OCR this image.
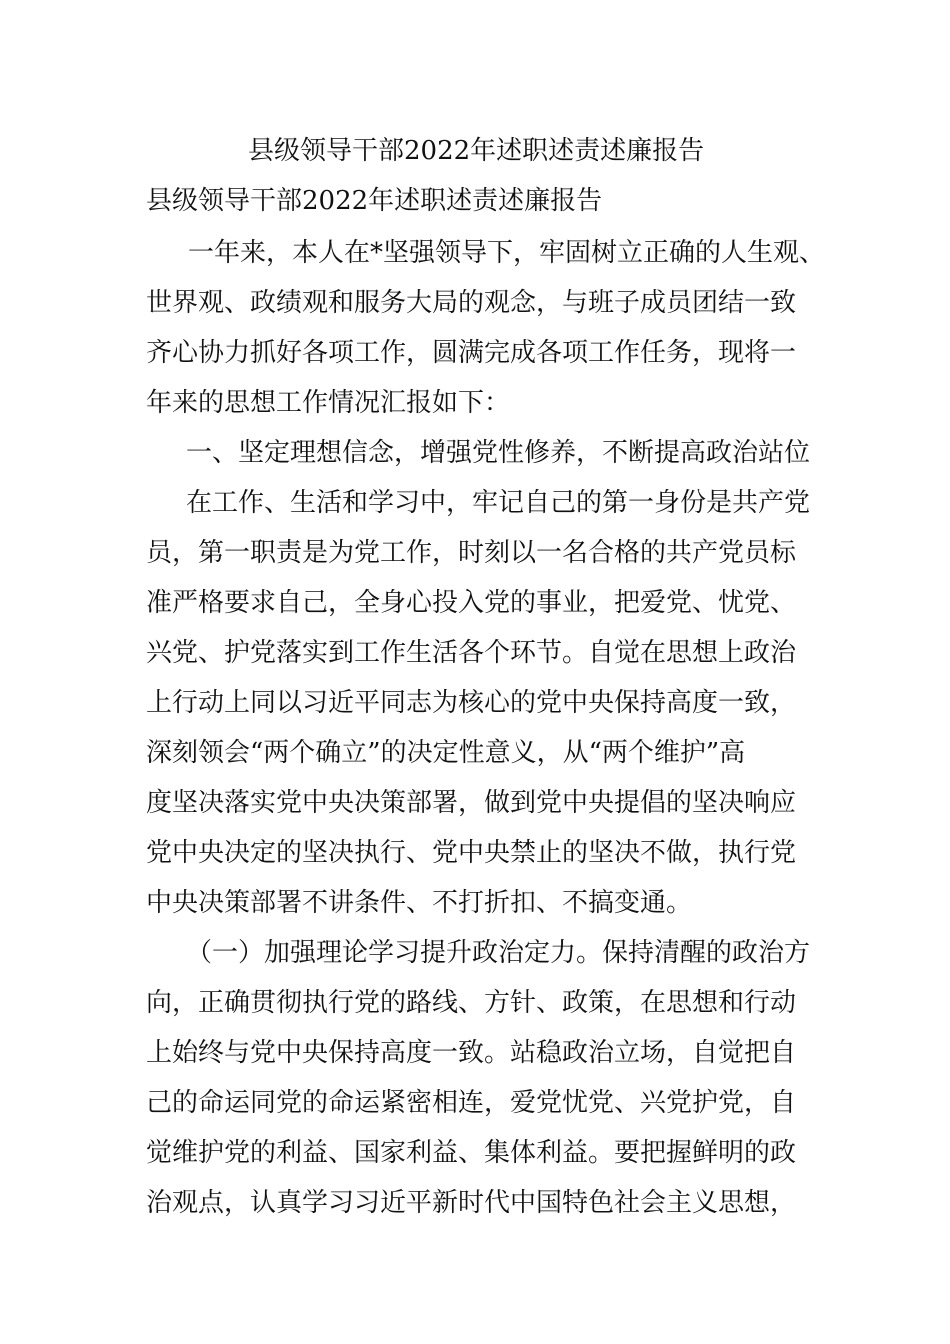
县级领导干部2022年述职述责述廉报告
县级领导干部2022年述职述责述廉报告
一年来，本人在*坚强领导下，牢固树立正确的人生观、
世界观、政绩观和服务大局的观念，与班子成员团结一致
齐心协力抓好各项工作，圆满完成各项工作任务，现将一
年来的思想工作情况汇报如下：
一、坚定理想信念，增强党性修养，不断提高政治站位
在工作、生活和学习中，牢记自己的第一身份是共产党
员，第一职责是为党工作，时刻以一名合格的共产党员标
准严格要求自己，全身心投入党的事业，把爱党、忧党、
兴党、护党落实到工作生活各个环节。自觉在思想上政治
上行动上同以习近平同志为核心的党中央保持高度一致，
深刻领会“两个确立”的决定性意义，从“两个维护”高
度坚决落实党中央决策部署，做到党中央提倡的坚决响应
党中央决定的坚决执行、党中央禁止的坚决不做，执行党
中央决策部署不讲条件、不打折扣、不搞变通。
（一）加强理论学习提升政治定力。保持清醒的政治方
向，正确贯彻执行党的路线、方针、政策，在思想和行动
上始终与党中央保持高度一致。站稳政治立场，自觉把自
己的命运同党的命运紧密相连，爱党忧党、兴党护党，自
觉维护党的利益、国家利益、集体利益。要把握鲜明的政
治观点，认真学习习近平新时代中国特色社会主义思想，
